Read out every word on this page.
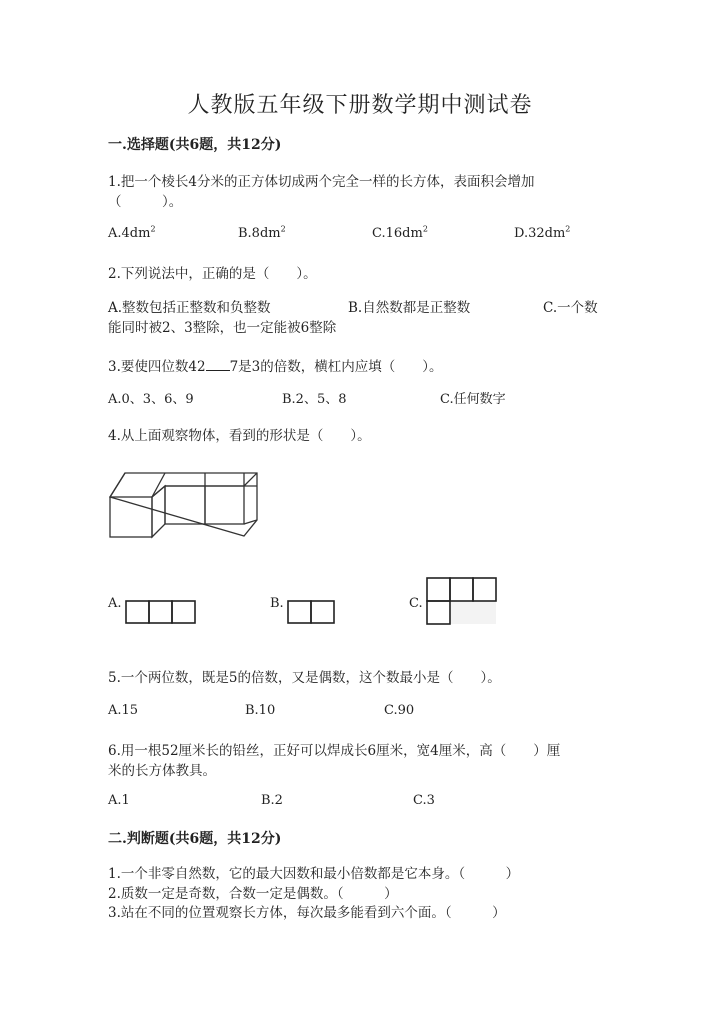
人教版五年级下册数学期中测试卷
一.选择题(共6题，共12分)
1.把一个棱长4分米的正方体切成两个完全一样的长方体，表面积会增加
（　　　）。
$A.4dm^2$	$B.8dm^2$	$C.16dm^2$	$D.32dm^2$
2.下列说法中，正确的是（　　）。
A.整数包括正整数和负整数	B.自然数都是正整数	C.一个数
能同时被2、3整除，也一定能被6整除
3.要使四位数42 7是3的倍数，横杠内应填（　　）。
A.0、3、6、9	B.2、5、8	C.任何数字
4.从上面观察物体，看到的形状是（　　）。
A.	B.	C.
5.一个两位数，既是5的倍数，又是偶数，这个数最小是（　　）。
A.15	B.10	C.90
6.用一根52厘米长的铅丝，正好可以焊成长6厘米，宽4厘米，高（　　）厘
米的长方体教具。
A.1	B.2	C.3
二.判断题(共6题，共12分)
1.一个非零自然数，它的最大因数和最小倍数都是它本身。（　　　）
2.质数一定是奇数，合数一定是偶数。（　　　）
3.站在不同的位置观察长方体，每次最多能看到六个面。（　　　）
